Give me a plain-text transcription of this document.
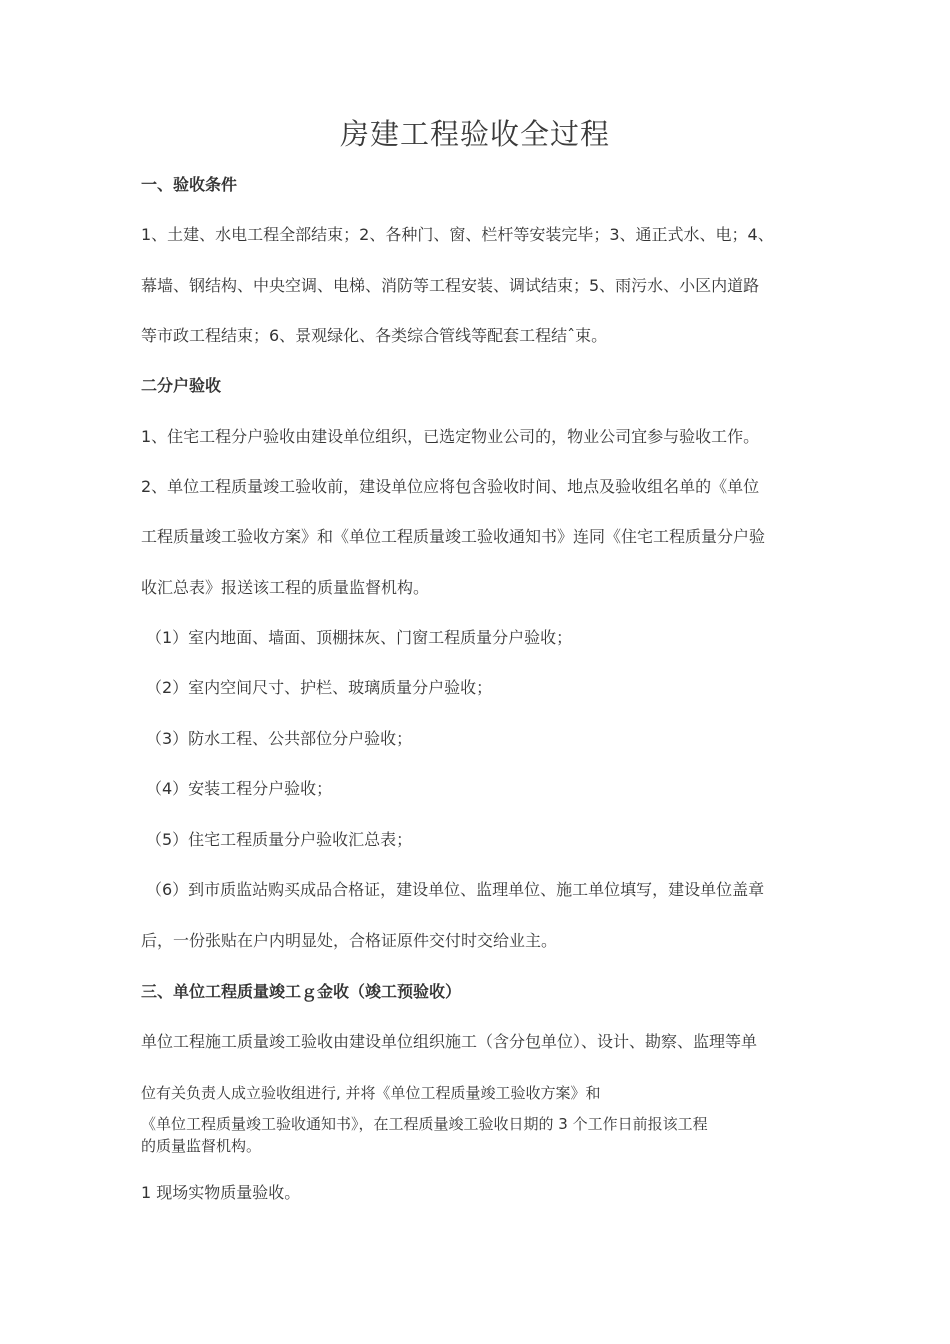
房建工程验收全过程

一、验收条件

1、土建、水电工程全部结束；2、各种门、窗、栏杆等安装完毕；3、通正式水、电；4、

幕墙、钢结构、中央空调、电梯、消防等工程安装、调试结束；5、雨污水、小区内道路

等市政工程结束；6、景观绿化、各类综合管线等配套工程结ˆ束。

二分户验收

1、住宅工程分户验收由建设单位组织，已选定物业公司的，物业公司宜参与验收工作。

2、单位工程质量竣工验收前，建设单位应将包含验收时间、地点及验收组名单的《单位

工程质量竣工验收方案》和《单位工程质量竣工验收通知书》连同《住宅工程质量分户验

收汇总表》报送该工程的质量监督机构。

（1）室内地面、墙面、顶棚抹灰、门窗工程质量分户验收；

（2）室内空间尺寸、护栏、玻璃质量分户验收；

（3）防水工程、公共部位分户验收；

（4）安装工程分户验收；

（5）住宅工程质量分户验收汇总表；

（6）到市质监站购买成品合格证，建设单位、监理单位、施工单位填写，建设单位盖章

后，一份张贴在户内明显处，合格证原件交付时交给业主。

三、单位工程质量竣工ｇ金收（竣工预验收）

单位工程施工质量竣工验收由建设单位组织施工（含分包单位）、设计、勘察、监理等单

位有关负责人成立验收组进行, 并将《单位工程质量竣工验收方案》和

《单位工程质量竣工验收通知书》，在工程质量竣工验收日期的 3 个工作日前报该工程

的质量监督机构。

1 现场实物质量验收。
